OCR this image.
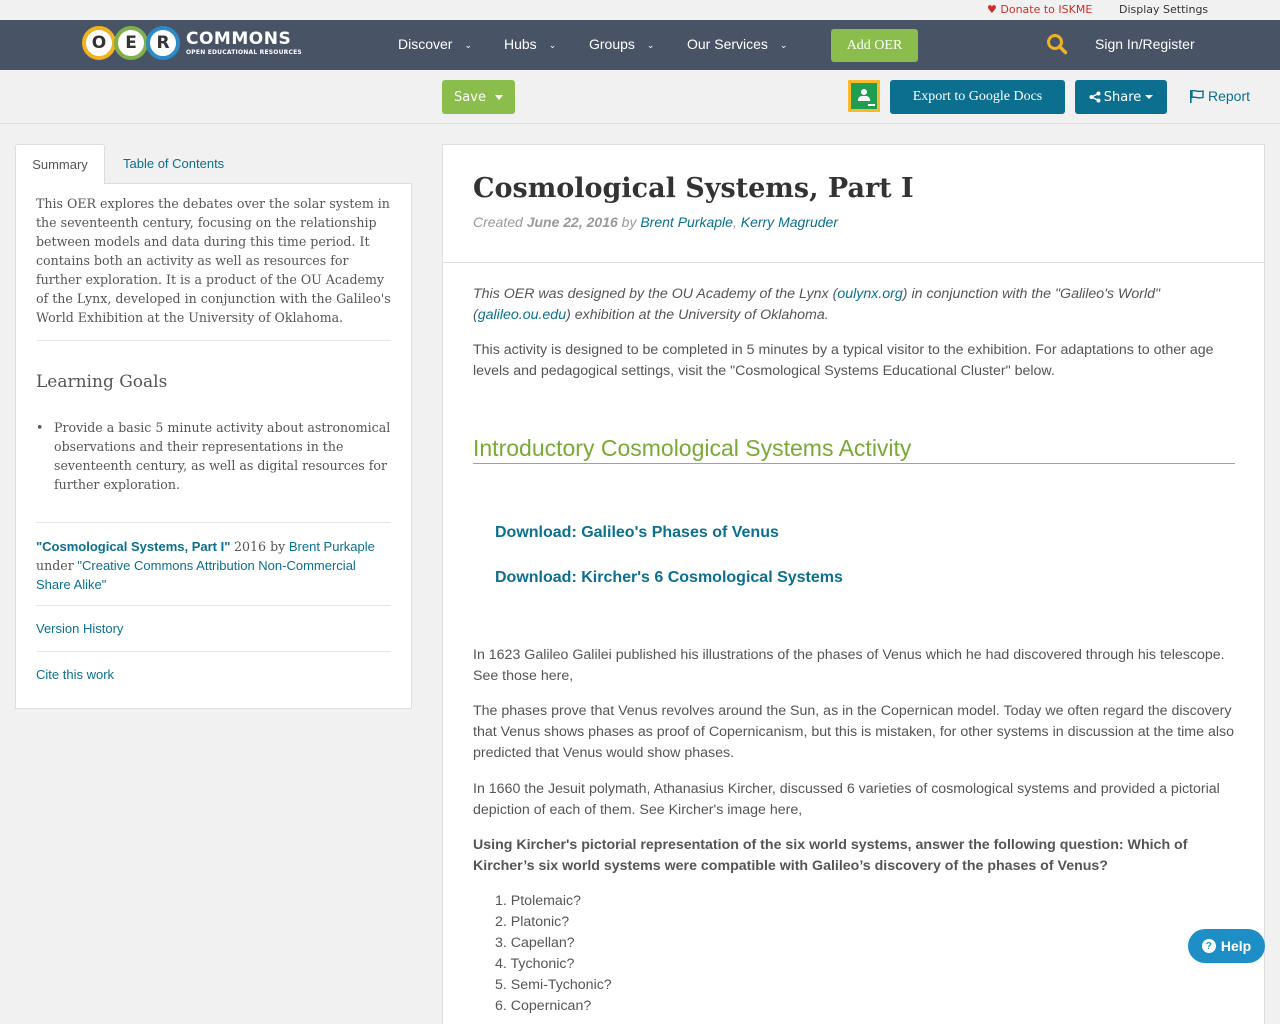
♥ Donate to ISKME Display Settings
O	E	R COMMONS
OPEN EDUCATIONAL RESOURCES	Discover ⌄ Hubs ⌄ Groups ⌄ Our Services ⌄	Add OER	Sign In/Register
Save	Export to Google Docs	Share	Report
Summary	Table of Contents

This OER explores the debates over the solar system in the seventeenth century, focusing on the relationship between models and data during this time period. It contains both an activity as well as resources for further exploration. It is a product of the OU Academy of the Lynx, developed in conjunction with the Galileo's World Exhibition at the University of Oklahoma.

Learning Goals
• Provide a basic 5 minute activity about astronomical observations and their representations in the seventeenth century, as well as digital resources for further exploration.

"Cosmological Systems, Part I" 2016 by Brent Purkaple
under "Creative Commons Attribution Non-Commercial Share Alike"

Version History
Cite this work
Cosmological Systems, Part I

Created June 22, 2016 by Brent Purkaple, Kerry Magruder

This OER was designed by the OU Academy of the Lynx (oulynx.org) in conjunction with the "Galileo's World" (galileo.ou.edu) exhibition at the University of Oklahoma.

This activity is designed to be completed in 5 minutes by a typical visitor to the exhibition. For adaptations to other age levels and pedagogical settings, visit the "Cosmological Systems Educational Cluster" below.

Introductory Cosmological Systems Activity
Download: Galileo's Phases of Venus
Download: Kircher's 6 Cosmological Systems

In 1623 Galileo Galilei published his illustrations of the phases of Venus which he had discovered through his telescope. See those here,

The phases prove that Venus revolves around the Sun, as in the Copernican model. Today we often regard the discovery that Venus shows phases as proof of Copernicanism, but this is mistaken, for other systems in discussion at the time also predicted that Venus would show phases.

In 1660 the Jesuit polymath, Athanasius Kircher, discussed 6 varieties of cosmological systems and provided a pictorial depiction of each of them. See Kircher's image here,

Using Kircher's pictorial representation of the six world systems, answer the following question: Which of Kircher’s six world systems were compatible with Galileo’s discovery of the phases of Venus?

1. Ptolemaic?
2. Platonic?
3. Capellan?
4. Tychonic?
5. Semi-Tychonic?
6. Copernican?
? Help
